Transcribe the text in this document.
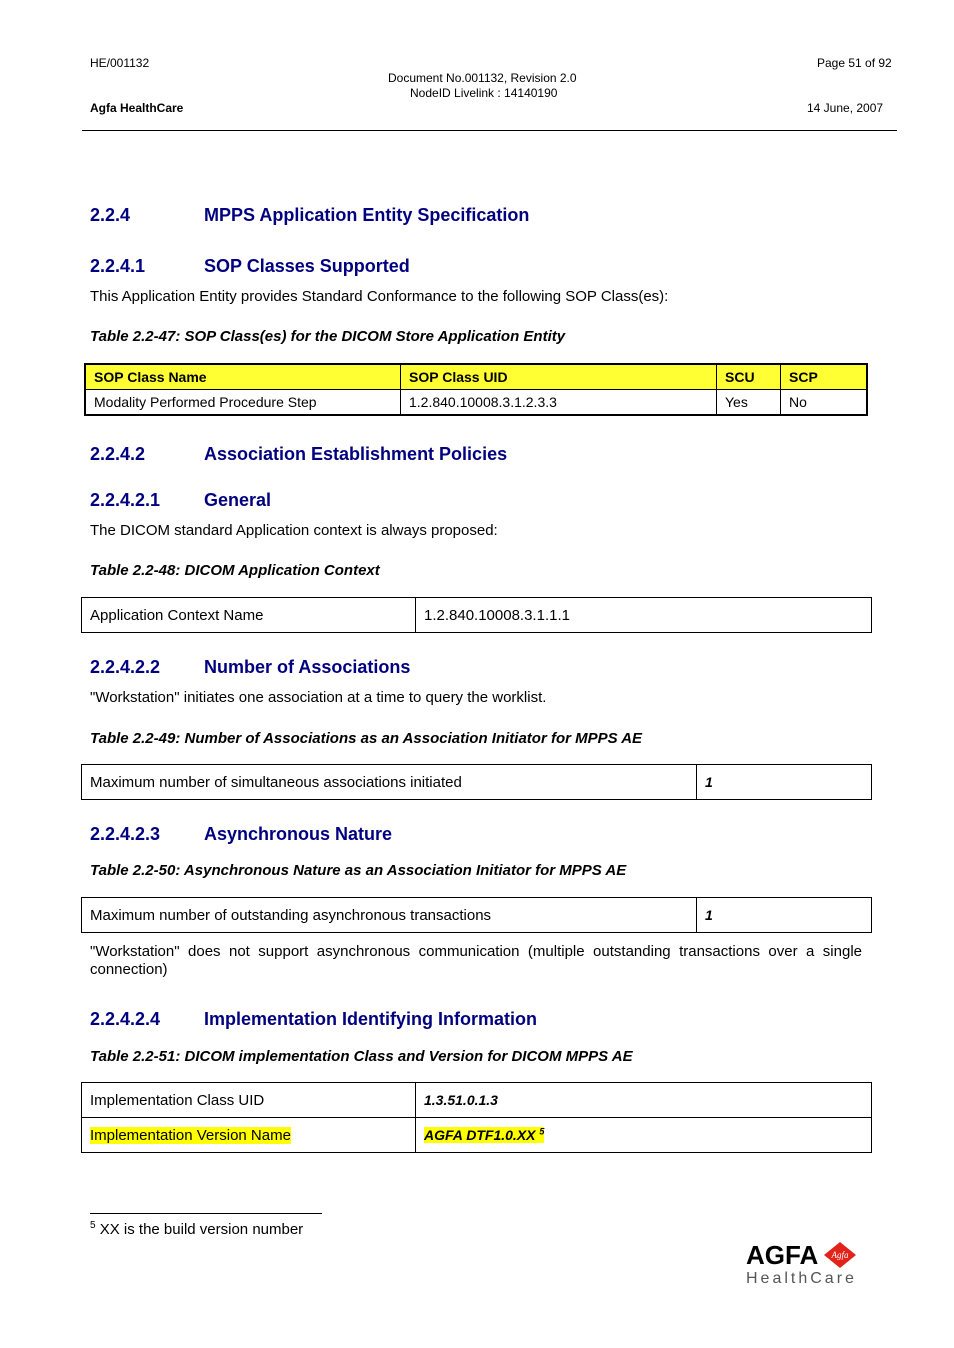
HE/001132	Page 51 of 92
Document No.001132, Revision 2.0
NodeID Livelink : 14140190
Agfa HealthCare	14 June, 2007
2.2.4	MPPS Application Entity Specification
2.2.4.1	SOP Classes Supported
This Application Entity provides Standard Conformance to the following SOP Class(es):
Table 2.2-47: SOP Class(es) for the DICOM Store Application Entity
SOP Class Name	SOP Class UID	SCU	SCP
Modality Performed Procedure Step	1.2.840.10008.3.1.2.3.3	Yes	No
2.2.4.2	Association Establishment Policies
2.2.4.2.1 General
The DICOM standard Application context is always proposed:
Table 2.2-48: DICOM Application Context
Application Context Name	1.2.840.10008.3.1.1.1
2.2.4.2.2 Number of Associations
"Workstation" initiates one association at a time to query the worklist.
Table 2.2-49: Number of Associations as an Association Initiator for MPPS AE
Maximum number of simultaneous associations initiated	1
2.2.4.2.3 Asynchronous Nature
Table 2.2-50: Asynchronous Nature as an Association Initiator for MPPS AE
Maximum number of outstanding asynchronous transactions	1
"Workstation" does not support asynchronous communication (multiple outstanding transactions over a single connection)
2.2.4.2.4 Implementation Identifying Information
Table 2.2-51: DICOM implementation Class and Version for DICOM MPPS AE
Implementation Class UID	1.3.51.0.1.3
Implementation Version Name	AGFA DTF1.0.XX $^5$
$^5$ XX is the build version number
AGFA Agfa
HealthCare
